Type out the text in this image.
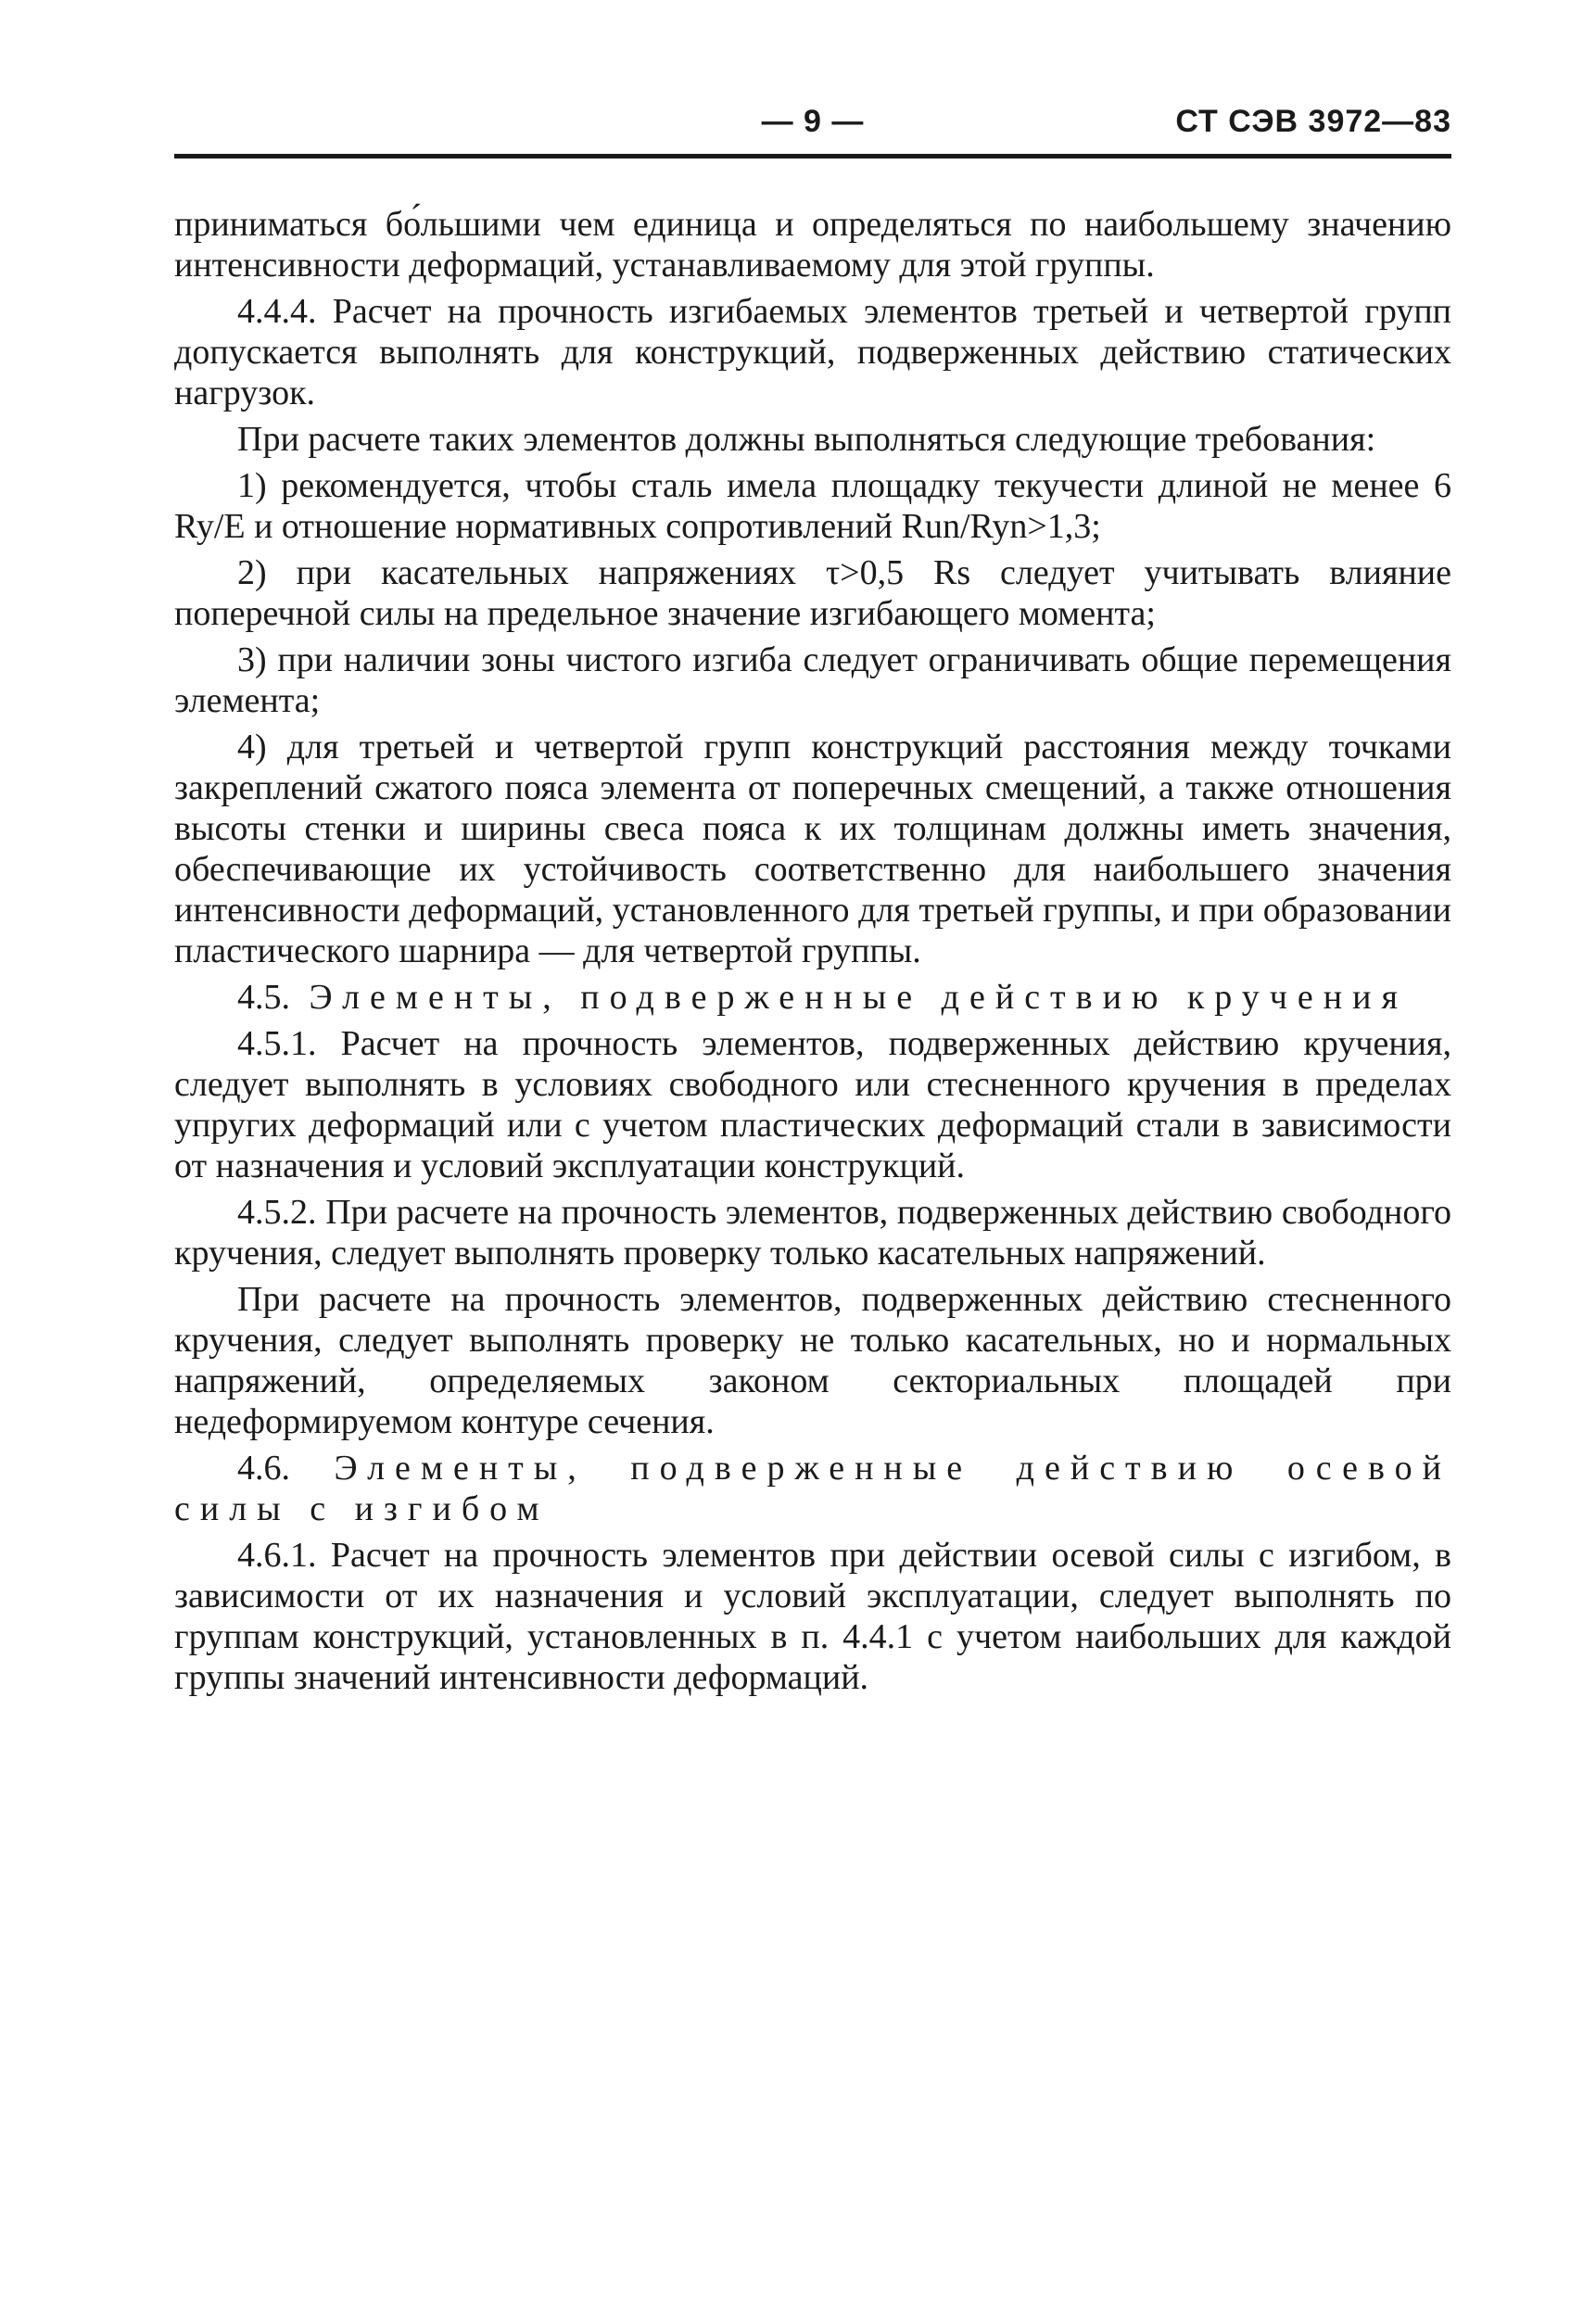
— 9 —	СТ СЭВ 3972—83

приниматься бо́льшими чем единица и определяться по наибольшему значению интенсивности деформаций, устанавливаемому для этой группы.

4.4.4. Расчет на прочность изгибаемых элементов третьей и четвертой групп допускается выполнять для конструкций, подверженных действию статических нагрузок.

При расчете таких элементов должны выполняться следующие требования:

1) рекомендуется, чтобы сталь имела площадку текучести длиной не менее 6 Ry/E и отношение нормативных сопротивлений Run/Ryn>1,3;

2) при касательных напряжениях τ>0,5 Rs следует учитывать влияние поперечной силы на предельное значение изгибающего момента;

3) при наличии зоны чистого изгиба следует ограничивать общие перемещения элемента;

4) для третьей и четвертой групп конструкций расстояния между точками закреплений сжатого пояса элемента от поперечных смещений, а также отношения высоты стенки и ширины свеса пояса к их толщинам должны иметь значения, обеспечивающие их устойчивость соответственно для наибольшего значения интенсивности деформаций, установленного для третьей группы, и при образовании пластического шарнира — для четвертой группы.

4.5. Элементы, подверженные действию кручения

4.5.1. Расчет на прочность элементов, подверженных действию кручения, следует выполнять в условиях свободного или стесненного кручения в пределах упругих деформаций или с учетом пластических деформаций стали в зависимости от назначения и условий эксплуатации конструкций.

4.5.2. При расчете на прочность элементов, подверженных действию свободного кручения, следует выполнять проверку только касательных напряжений.

При расчете на прочность элементов, подверженных действию стесненного кручения, следует выполнять проверку не только касательных, но и нормальных напряжений, определяемых законом секториальных площадей при недеформируемом контуре сечения.

4.6. Элементы, подверженные действию осевой силы с изгибом

4.6.1. Расчет на прочность элементов при действии осевой силы с изгибом, в зависимости от их назначения и условий эксплуатации, следует выполнять по группам конструкций, установленных в п. 4.4.1 с учетом наибольших для каждой группы значений интенсивности деформаций.
